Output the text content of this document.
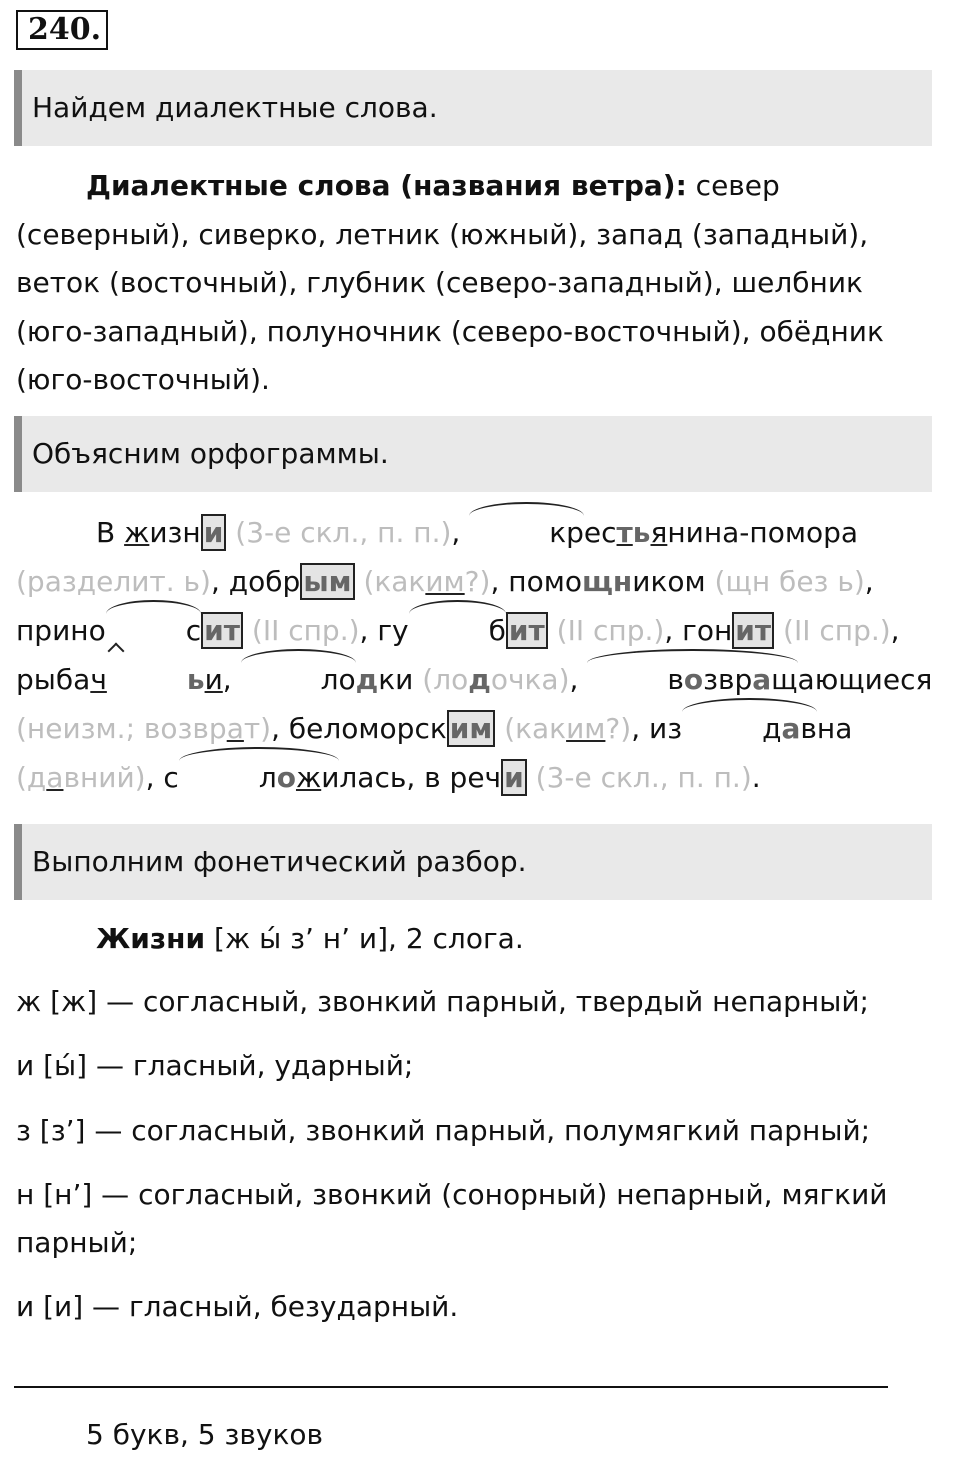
240.
Найдем диалектные слова.
Диалектные слова (названия ветра): север (северный), сиверко, летник (южный), запад (западный), веток (восточный), глубник (северо-западный), шелбник (юго-западный), полуночник (северо-восточный), обёдник (юго-восточный).
Объясним орфограммы.
В жизн и (3-е скл., п. п.),	крестьянина-помора (разделит. ь), добр ым (каким?), помощником (щн без ь), прино	с ит (II спр.), гу	б ит (II спр.), гон ит (II спр.), рыбач	ьи,	лодки (лодочка),	возвращающиеся (неизм.; возврат), беломорск им (каким?), из	давна (давний), с	ложилась, в реч и (3-е скл., п. п.).
Выполним фонетический разбор.
Жизни [ж ы́ з’ н’ и], 2 слога.
ж [ж] — согласный, звонкий парный, твердый непарный;
и [ы́] — гласный, ударный;
з [з’] — согласный, звонкий парный, полумягкий парный;
н [н’] — согласный, звонкий (сонорный) непарный, мягкий
парный;
и [и] — гласный, безударный.
5 букв, 5 звуков
